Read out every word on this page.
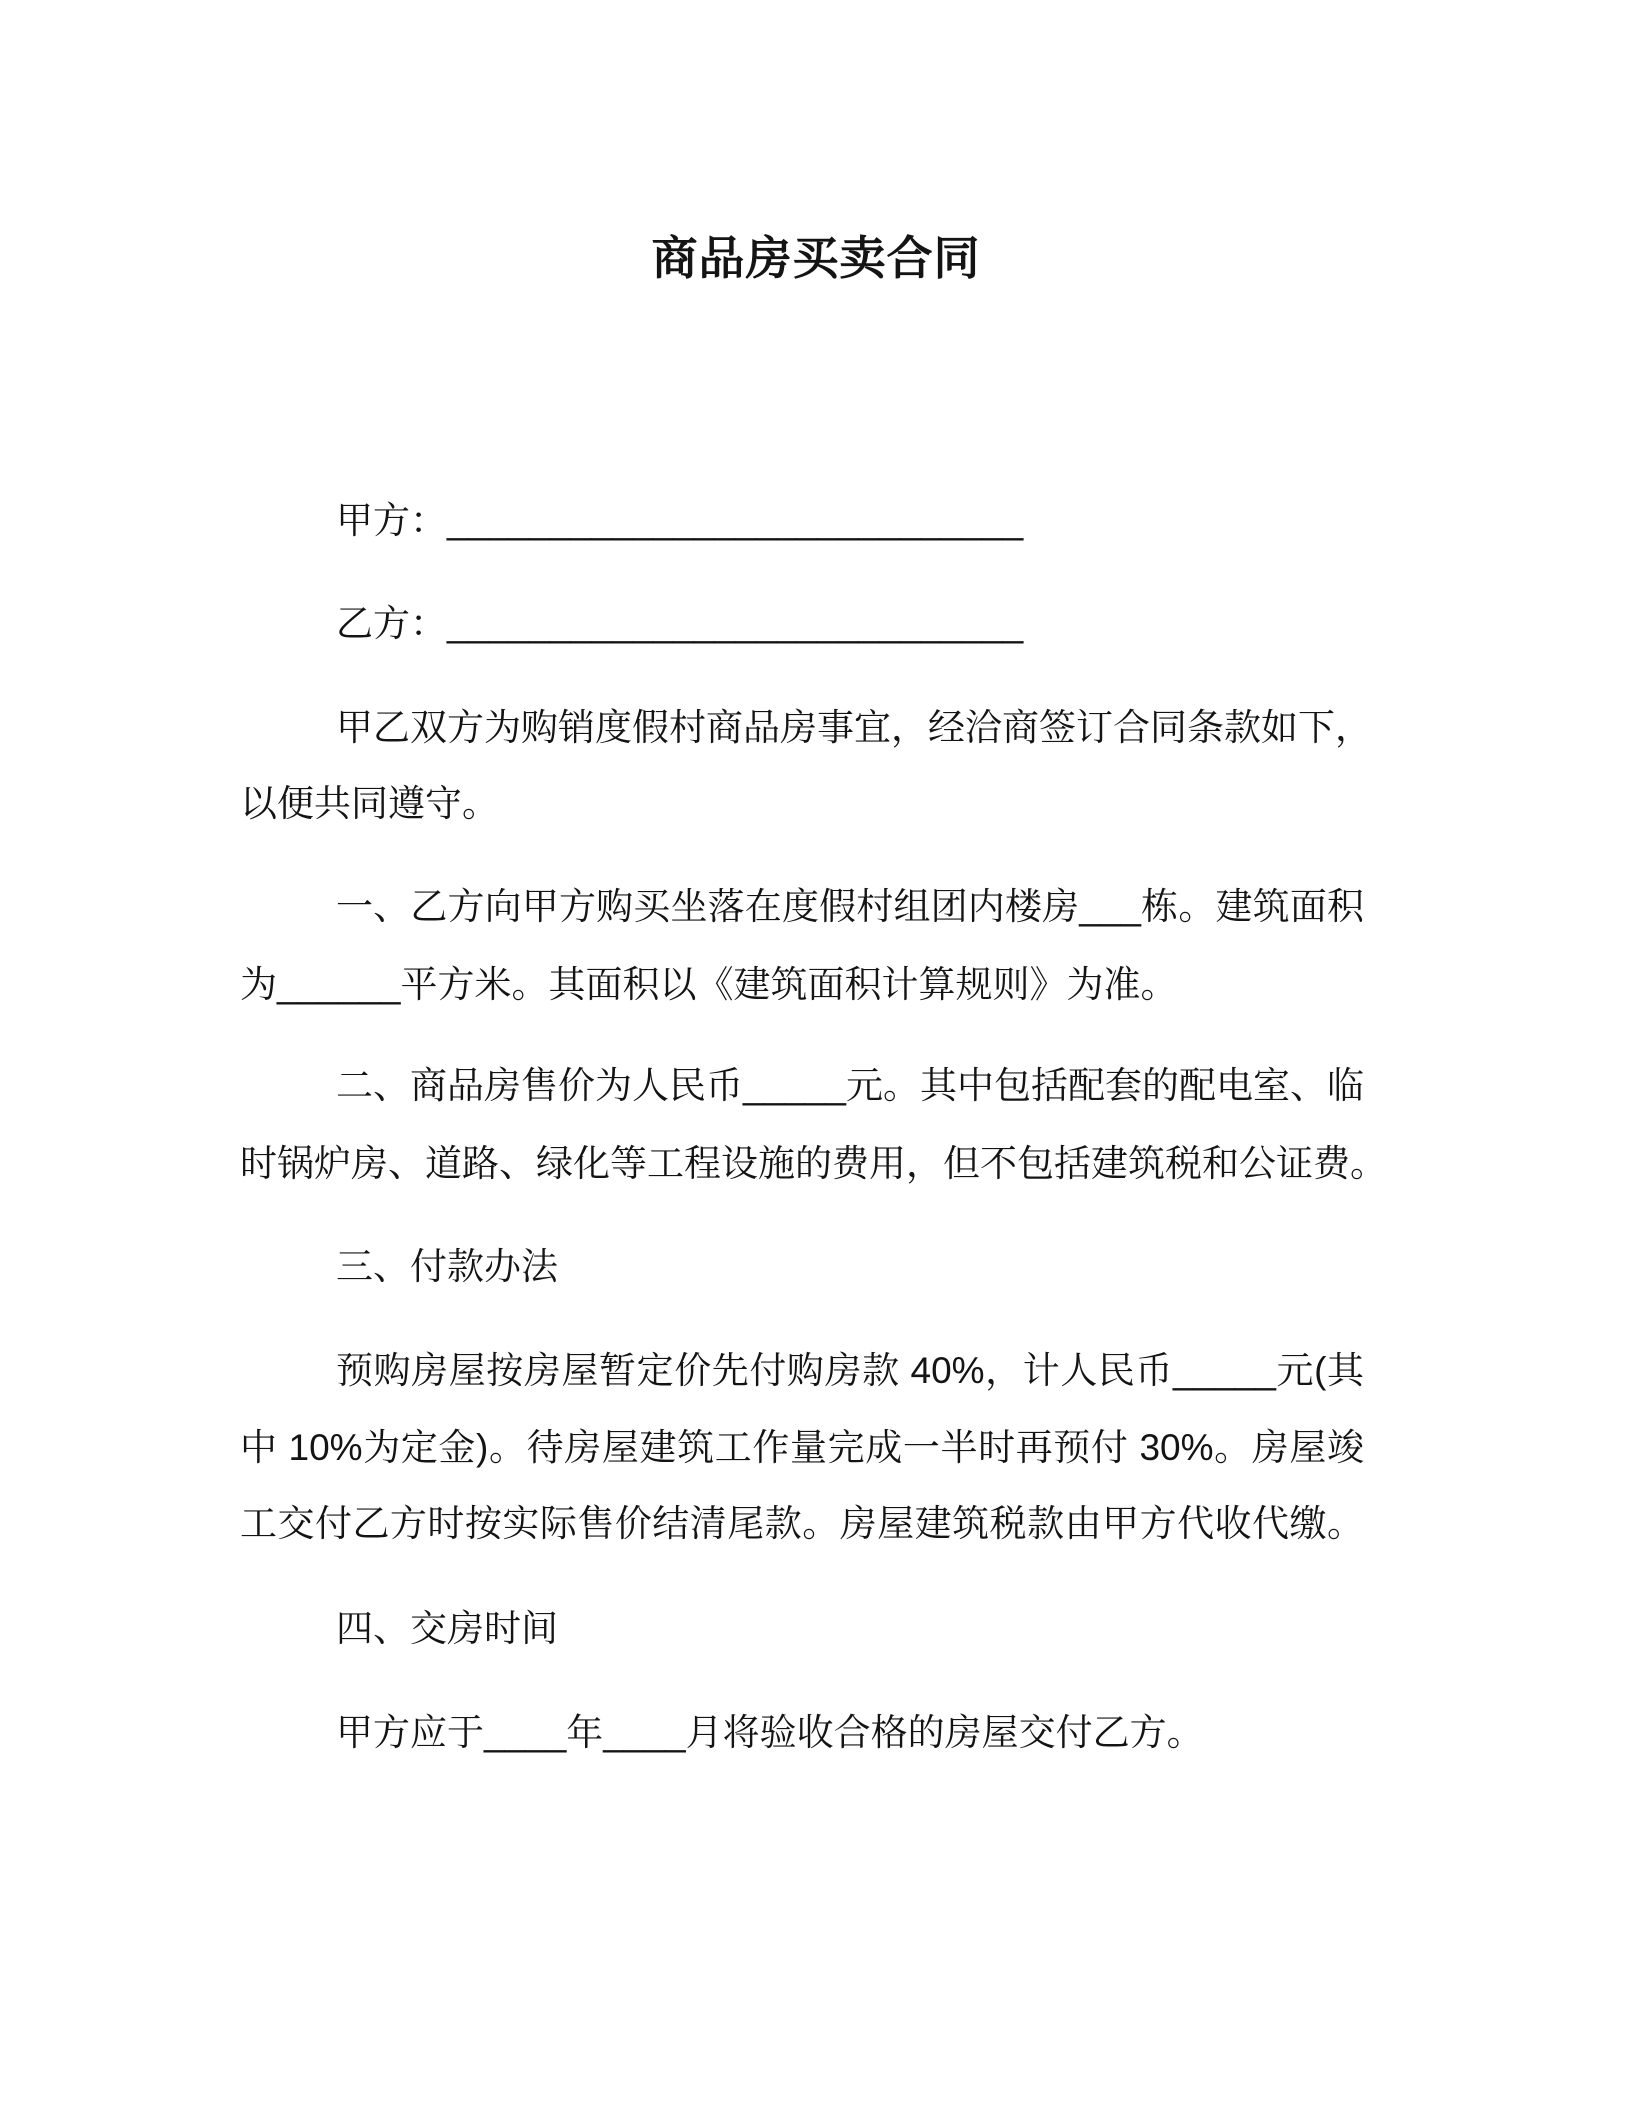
商品房买卖合同
甲方：____________________________
乙方：____________________________
甲乙双方为购销度假村商品房事宜，经洽商签订合同条款如下，
以便共同遵守。
一、乙方向甲方购买坐落在度假村组团内楼房___栋。建筑面积
为______平方米。其面积以《建筑面积计算规则》为准。
二、商品房售价为人民币_____元。其中包括配套的配电室、临
时锅炉房、道路、绿化等工程设施的费用，但不包括建筑税和公证费。
三、付款办法
预购房屋按房屋暂定价先付购房款 40%，计人民币_____元(其
中 10%为定金)。待房屋建筑工作量完成一半时再预付 30%。房屋竣
工交付乙方时按实际售价结清尾款。房屋建筑税款由甲方代收代缴。
四、交房时间
甲方应于____年____月将验收合格的房屋交付乙方。
